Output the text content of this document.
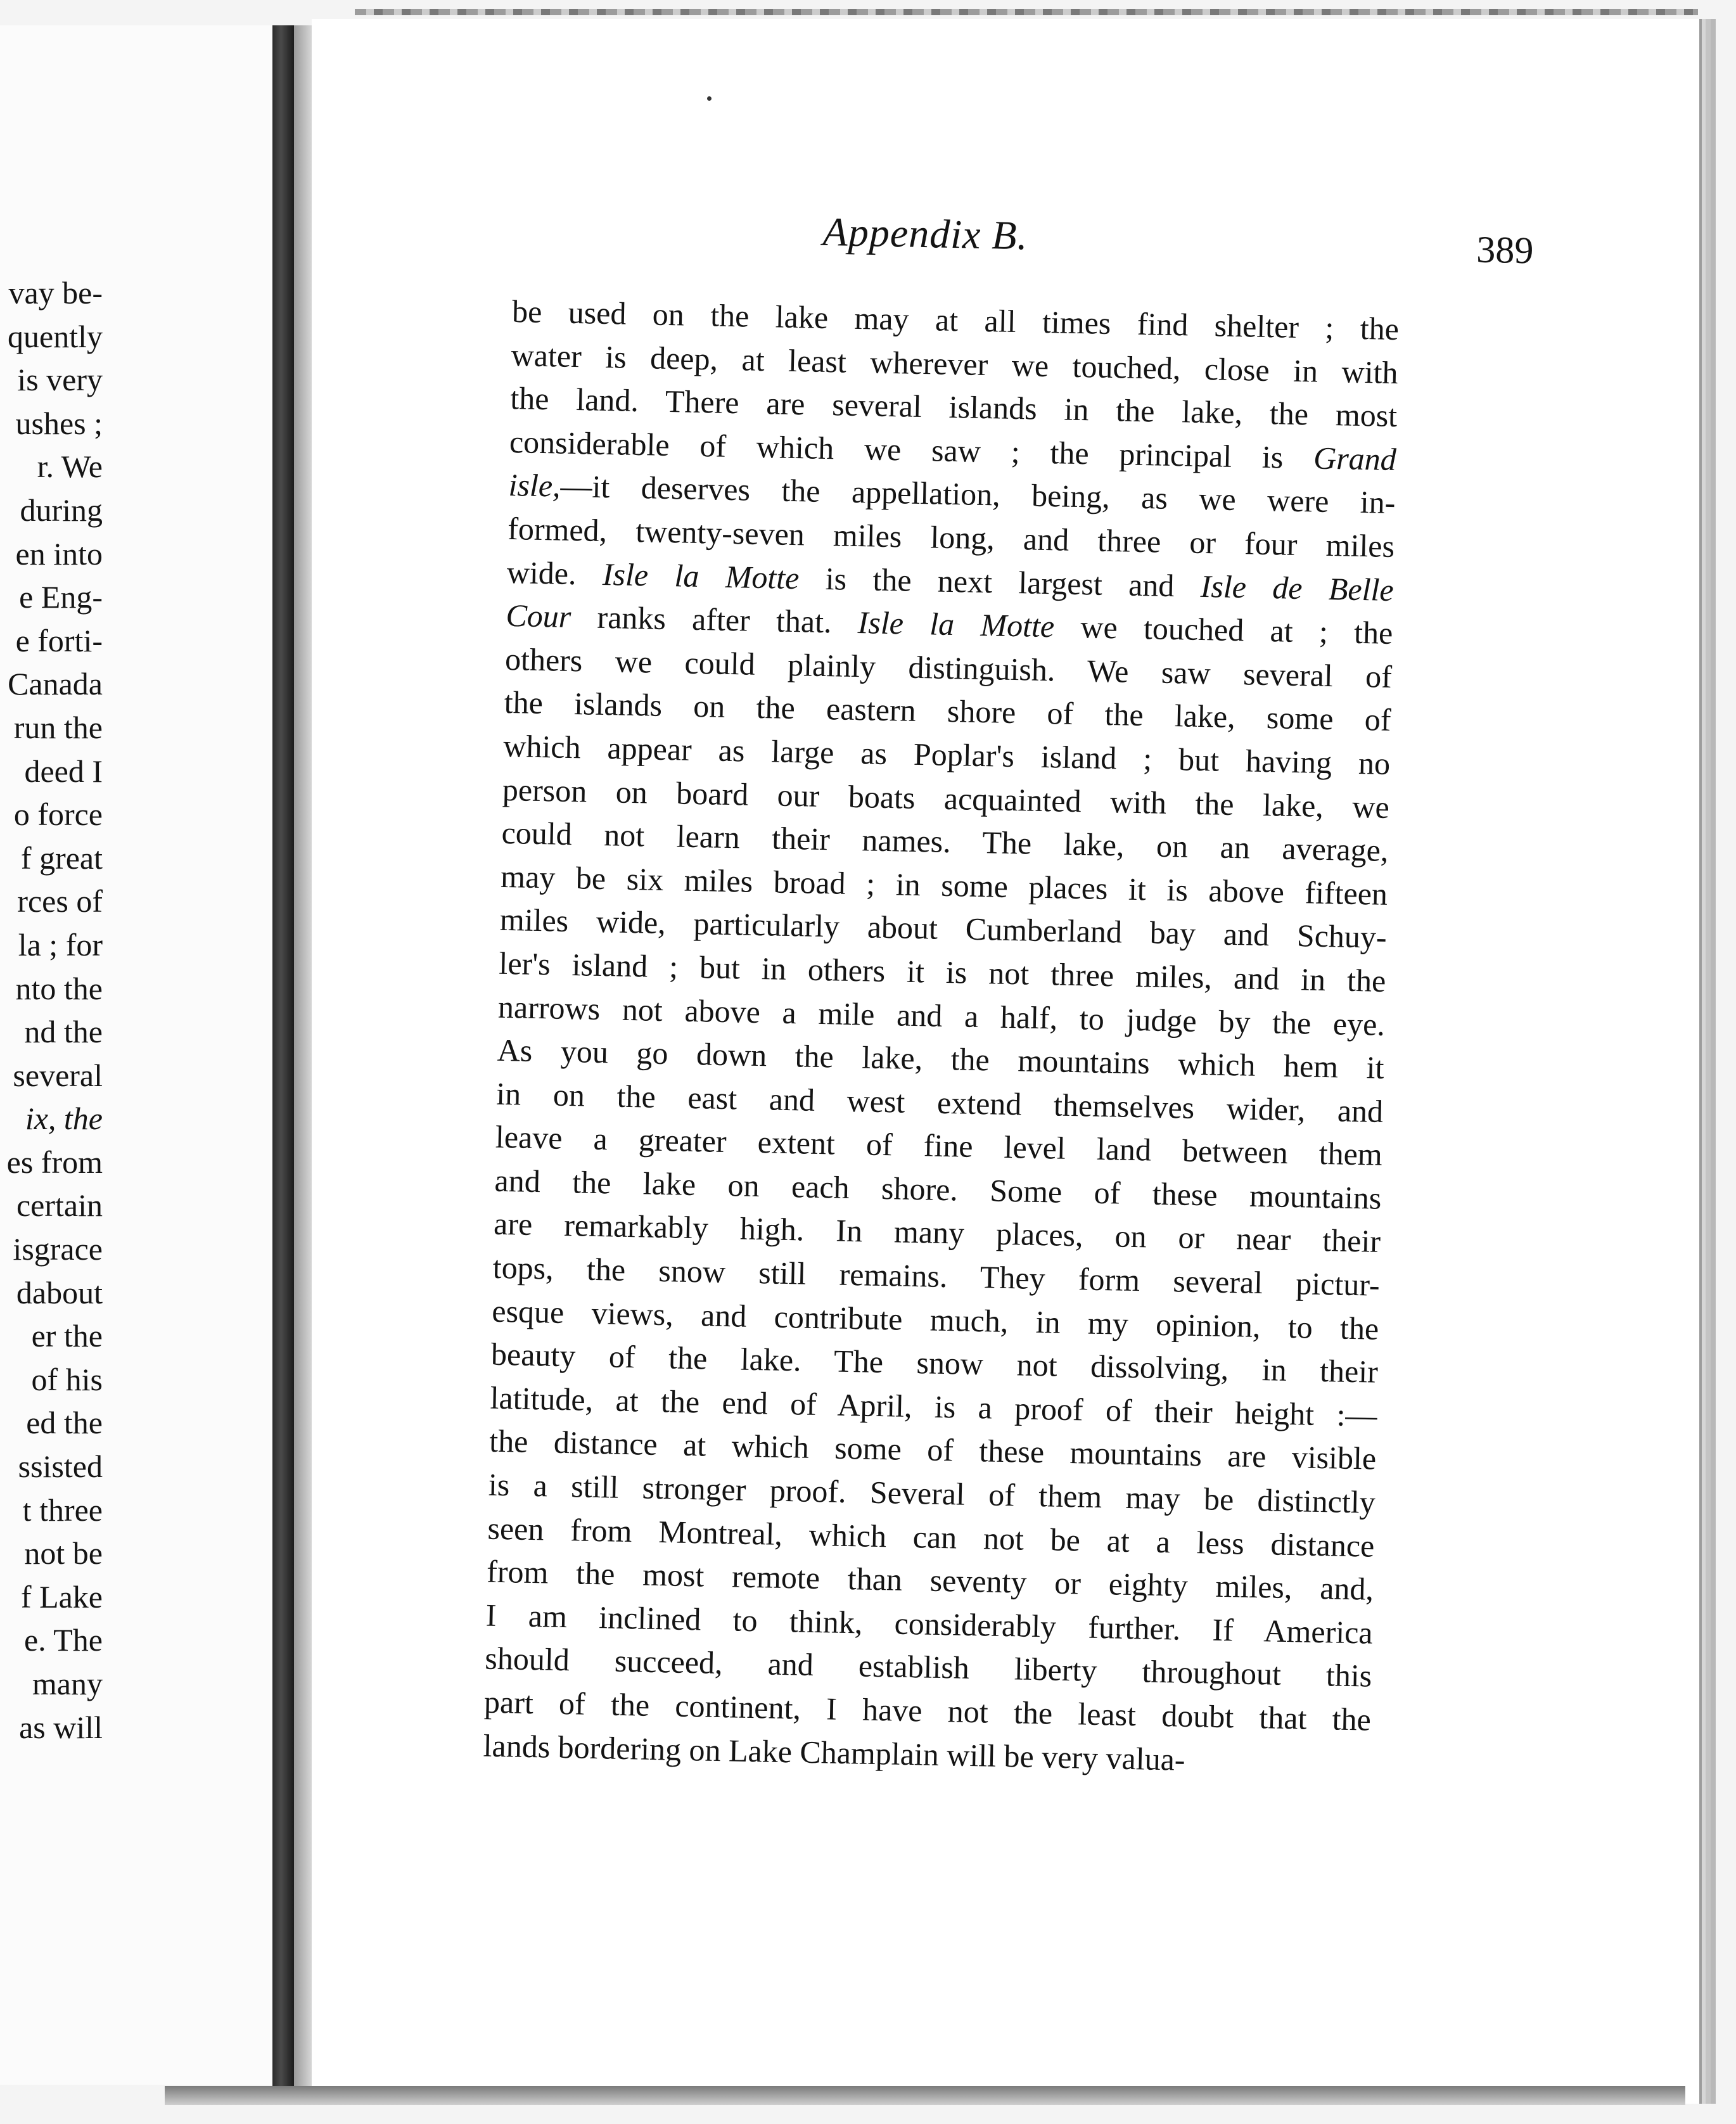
vay be-
quently
is very
ushes ;
r. We
during
en into
e Eng-
e forti-
Canada
run the
deed I
o force
f great
rces of
la ; for
nto the
nd the
several
ix, the
es from
certain
isgrace
dabout
er the
of his
ed the
ssisted
t three
not be
f Lake
e. The
many
as will
Appendix B.	389
be used on the lake may at all times find shelter ; the
water is deep, at least wherever we touched, close in with
the land. There are several islands in the lake, the most
considerable of which we saw ; the principal is Grand
isle,—it deserves the appellation, being, as we were in-
formed, twenty-seven miles long, and three or four miles
wide. Isle la Motte is the next largest and Isle de Belle
Cour ranks after that. Isle la Motte we touched at ; the
others we could plainly distinguish. We saw several of
the islands on the eastern shore of the lake, some of
which appear as large as Poplar's island ; but having no
person on board our boats acquainted with the lake, we
could not learn their names. The lake, on an average,
may be six miles broad ; in some places it is above fifteen
miles wide, particularly about Cumberland bay and Schuy-
ler's island ; but in others it is not three miles, and in the
narrows not above a mile and a half, to judge by the eye.
As you go down the lake, the mountains which hem it
in on the east and west extend themselves wider, and
leave a greater extent of fine level land between them
and the lake on each shore. Some of these mountains
are remarkably high. In many places, on or near their
tops, the snow still remains. They form several pictur-
esque views, and contribute much, in my opinion, to the
beauty of the lake. The snow not dissolving, in their
latitude, at the end of April, is a proof of their height :—
the distance at which some of these mountains are visible
is a still stronger proof. Several of them may be distinctly
seen from Montreal, which can not be at a less distance
from the most remote than seventy or eighty miles, and,
I am inclined to think, considerably further. If America
should succeed, and establish liberty throughout this
part of the continent, I have not the least doubt that the
lands bordering on Lake Champlain will be very valua-
